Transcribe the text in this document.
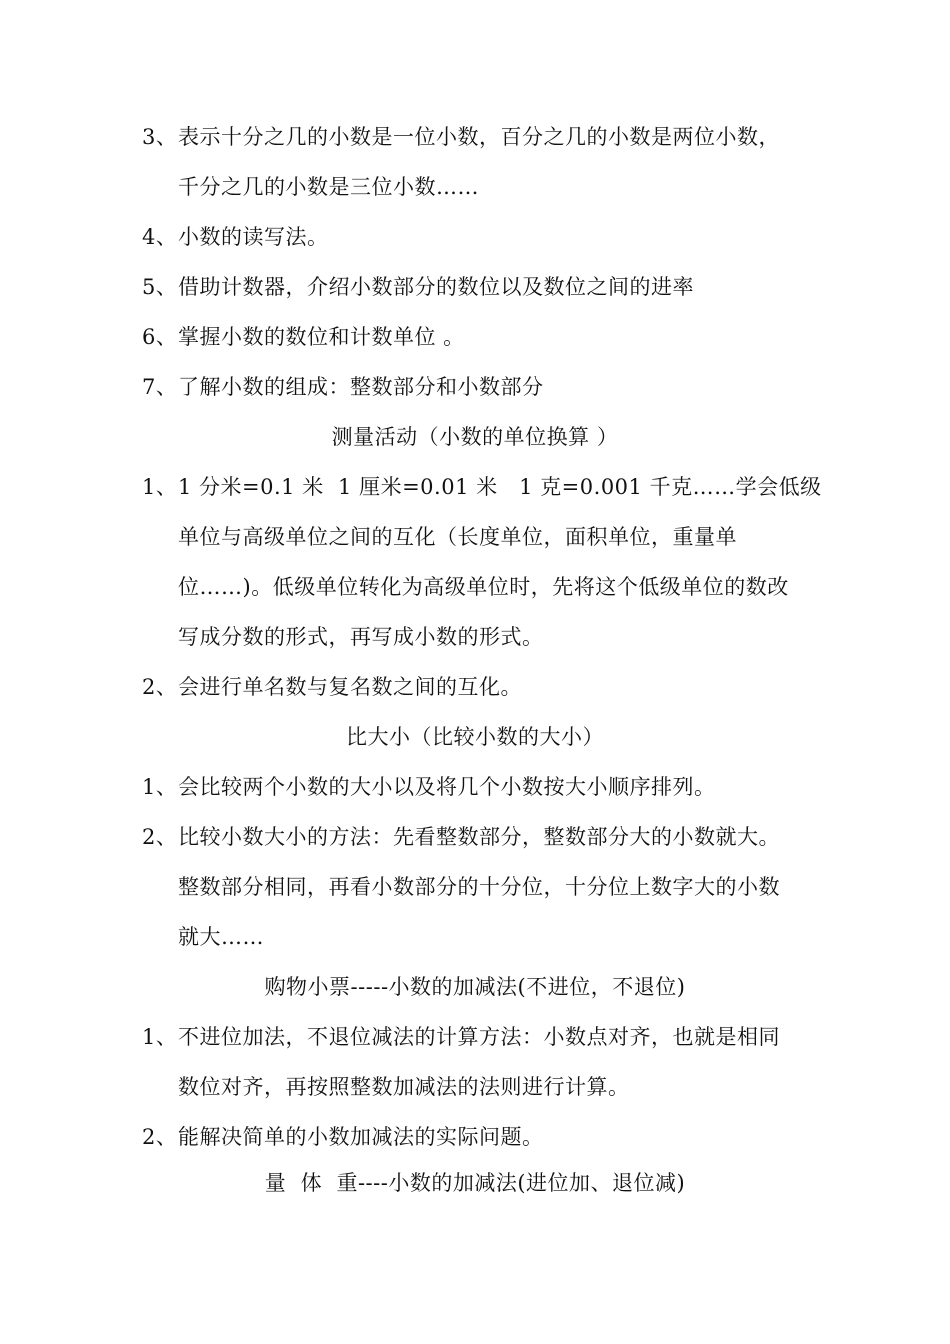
3、表示十分之几的小数是一位小数，百分之几的小数是两位小数，
千分之几的小数是三位小数……
4、小数的读写法。
5、借助计数器，介绍小数部分的数位以及数位之间的进率
6、掌握小数的数位和计数单位 。
7、了解小数的组成：整数部分和小数部分
测量活动（小数的单位换算 ）
1、1 分米=0.1 米  1 厘米=0.01 米   1 克=0.001 千克……学会低级
单位与高级单位之间的互化（长度单位，面积单位，重量单
位……)。低级单位转化为高级单位时，先将这个低级单位的数改
写成分数的形式，再写成小数的形式。
2、会进行单名数与复名数之间的互化。
比大小（比较小数的大小）
1、会比较两个小数的大小以及将几个小数按大小顺序排列。
2、比较小数大小的方法：先看整数部分，整数部分大的小数就大。
整数部分相同，再看小数部分的十分位，十分位上数字大的小数
就大……
购物小票-----小数的加减法(不进位，不退位)
1、不进位加法，不退位减法的计算方法：小数点对齐，也就是相同
数位对齐，再按照整数加减法的法则进行计算。
2、能解决简单的小数加减法的实际问题。
量  体  重----小数的加减法(进位加、退位减)
